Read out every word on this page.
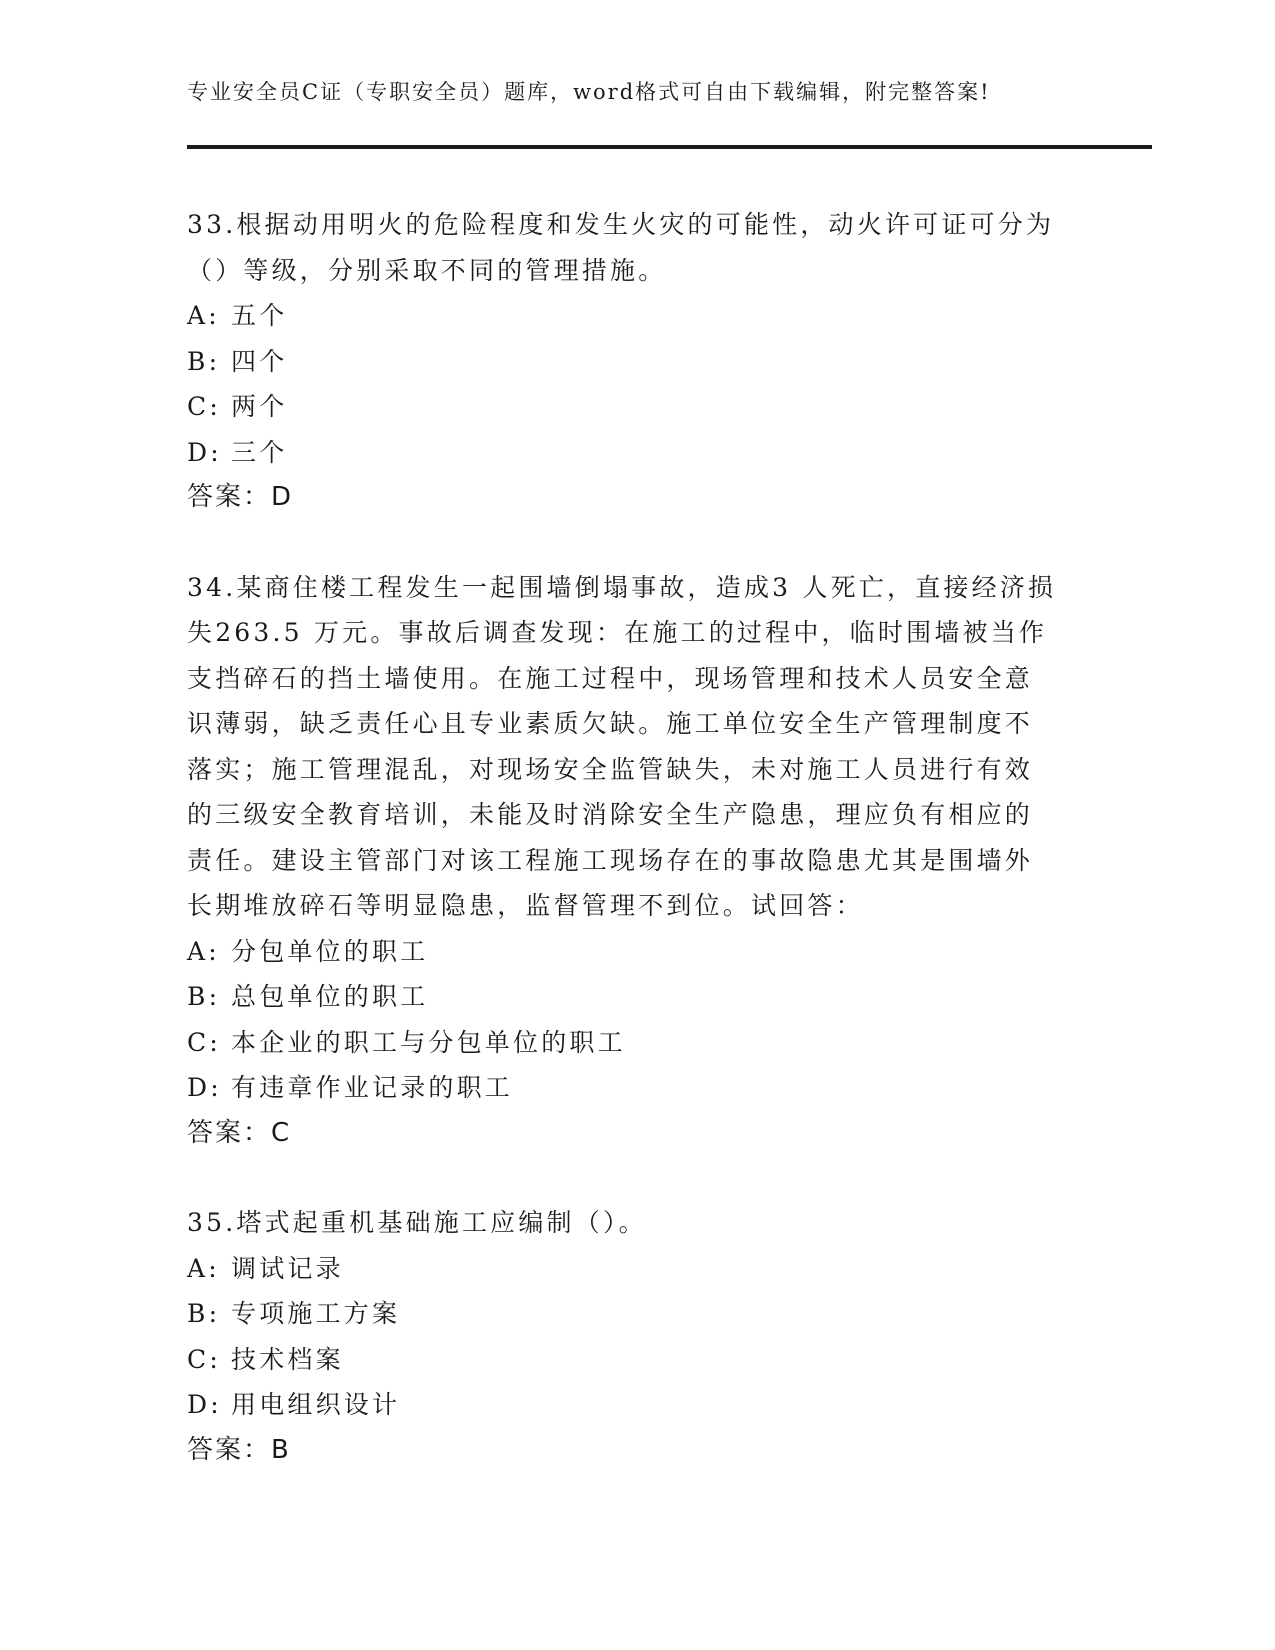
专业安全员C证（专职安全员）题库，word格式可自由下载编辑，附完整答案!
33.根据动用明火的危险程度和发生火灾的可能性，动火许可证可分为
（）等级，分别采取不同的管理措施。
A: 五个
B: 四个
C: 两个
D: 三个
答案：D
34.某商住楼工程发生一起围墙倒塌事故，造成3 人死亡，直接经济损
失263.5 万元。事故后调查发现：在施工的过程中，临时围墙被当作
支挡碎石的挡土墙使用。在施工过程中，现场管理和技术人员安全意
识薄弱，缺乏责任心且专业素质欠缺。施工单位安全生产管理制度不
落实；施工管理混乱，对现场安全监管缺失，未对施工人员进行有效
的三级安全教育培训，未能及时消除安全生产隐患，理应负有相应的
责任。建设主管部门对该工程施工现场存在的事故隐患尤其是围墙外
长期堆放碎石等明显隐患，监督管理不到位。试回答：
A: 分包单位的职工
B: 总包单位的职工
C: 本企业的职工与分包单位的职工
D: 有违章作业记录的职工
答案：C
35.塔式起重机基础施工应编制（）。
A: 调试记录
B: 专项施工方案
C: 技术档案
D: 用电组织设计
答案：B
